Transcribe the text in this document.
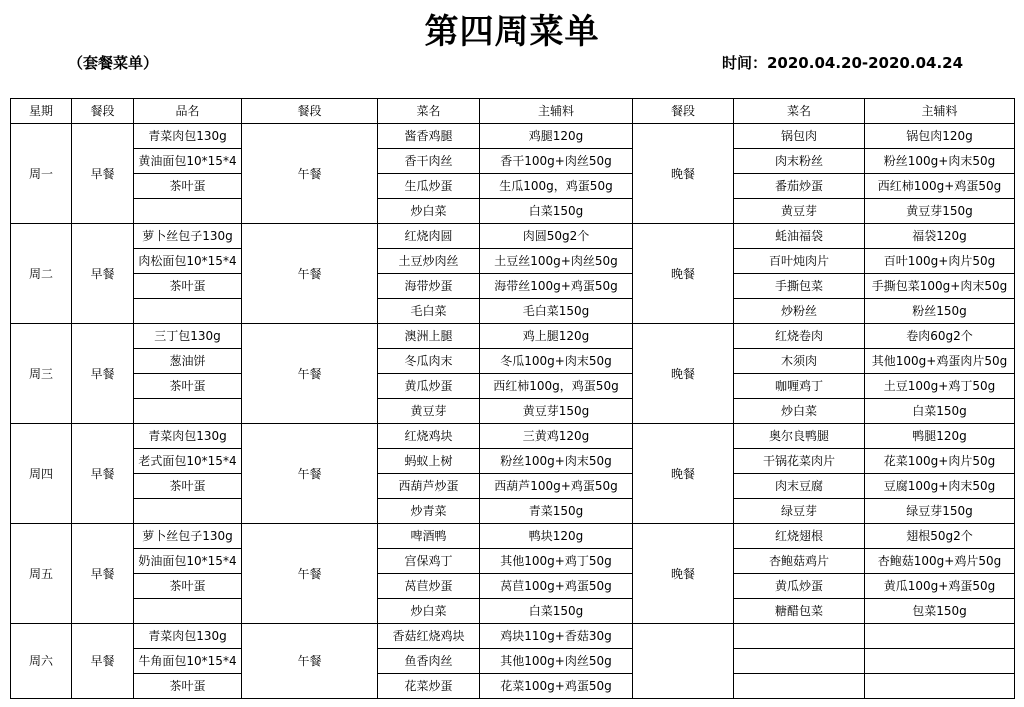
第四周菜单
（套餐菜单）	时间：2020.04.20-2020.04.24
星期	餐段	品名	餐段	菜名	主辅料	餐段	菜名	主辅料
周一	早餐	青菜肉包130g	午餐	酱香鸡腿	鸡腿120g	晚餐	锅包肉	锅包肉120g
		黄油面包10*15*4		香干肉丝	香干100g+肉丝50g		肉末粉丝	粉丝100g+肉末50g
		茶叶蛋		生瓜炒蛋	生瓜100g，鸡蛋50g		番茄炒蛋	西红柿100g+鸡蛋50g
				炒白菜	白菜150g		黄豆芽	黄豆芽150g
周二	早餐	萝卜丝包子130g	午餐	红烧肉圆	肉圆50g2个	晚餐	蚝油福袋	福袋120g
		肉松面包10*15*4		土豆炒肉丝	土豆丝100g+肉丝50g		百叶炖肉片	百叶100g+肉片50g
		茶叶蛋		海带炒蛋	海带丝100g+鸡蛋50g		手撕包菜	手撕包菜100g+肉末50g
				毛白菜	毛白菜150g		炒粉丝	粉丝150g
周三	早餐	三丁包130g	午餐	澳洲上腿	鸡上腿120g	晚餐	红烧卷肉	卷肉60g2个
		葱油饼		冬瓜肉末	冬瓜100g+肉末50g		木须肉	其他100g+鸡蛋肉片50g
		茶叶蛋		黄瓜炒蛋	西红柿100g，鸡蛋50g		咖喱鸡丁	土豆100g+鸡丁50g
				黄豆芽	黄豆芽150g		炒白菜	白菜150g
周四	早餐	青菜肉包130g	午餐	红烧鸡块	三黄鸡120g	晚餐	奥尔良鸭腿	鸭腿120g
		老式面包10*15*4		蚂蚁上树	粉丝100g+肉末50g		干锅花菜肉片	花菜100g+肉片50g
		茶叶蛋		西葫芦炒蛋	西葫芦100g+鸡蛋50g		肉末豆腐	豆腐100g+肉末50g
				炒青菜	青菜150g		绿豆芽	绿豆芽150g
周五	早餐	萝卜丝包子130g	午餐	啤酒鸭	鸭块120g	晚餐	红烧翅根	翅根50g2个
		奶油面包10*15*4		宫保鸡丁	其他100g+鸡丁50g		杏鲍菇鸡片	杏鲍菇100g+鸡片50g
		茶叶蛋		莴苣炒蛋	莴苣100g+鸡蛋50g		黄瓜炒蛋	黄瓜100g+鸡蛋50g
				炒白菜	白菜150g		糖醋包菜	包菜150g
周六	早餐	青菜肉包130g	午餐	香菇红烧鸡块	鸡块110g+香菇30g			
		牛角面包10*15*4		鱼香肉丝	其他100g+肉丝50g			
		茶叶蛋		花菜炒蛋	花菜100g+鸡蛋50g			
